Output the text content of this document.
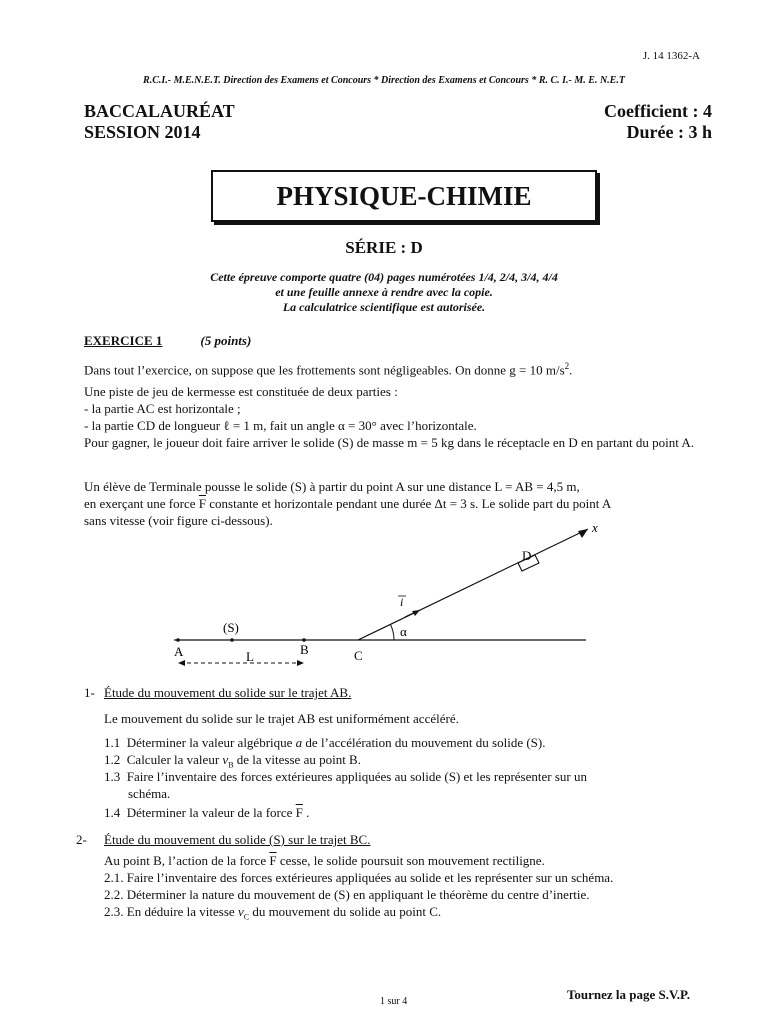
J. 14 1362-A
R.C.I.- M.E.N.E.T. Direction des Examens et Concours * Direction des Examens et Concours * R. C. I.- M. E. N.E.T
BACCALAURÉAT
SESSION 2014
Coefficient : 4
Durée : 3 h
PHYSIQUE-CHIMIE
SÉRIE : D
Cette épreuve comporte quatre (04) pages numérotées 1/4, 2/4, 3/4, 4/4
et une feuille annexe à rendre avec la copie.
La calculatrice scientifique est autorisée.
EXERCICE 1	(5 points)
Dans tout l’exercice, on suppose que les frottements sont négligeables. On donne g = 10 $m/s^2$.
Une piste de jeu de kermesse est constituée de deux parties :
- la partie AC est horizontale ;
- la partie CD de longueur ℓ = 1 m, fait un angle α = 30° avec l’horizontale.
Pour gagner, le joueur doit faire arriver le solide (S) de masse m = 5 kg dans le réceptacle en D en partant du point A.
Un élève de Terminale pousse le solide (S) à partir du point A sur une distance L = AB = 4,5 m,
en exerçant une force $\overline{F}$ constante et horizontale pendant une durée Δt = 3 s. Le solide part du point A
sans vitesse (voir figure ci-dessous).	x
D
i
α
(S)
A	B	C
L
1- Étude du mouvement du solide sur le trajet AB.
Le mouvement du solide sur le trajet AB est uniformément accéléré.
1.1 Déterminer la valeur algébrique a de l’accélération du mouvement du solide (S).
1.2 Calculer la valeur $v_B$ de la vitesse au point B.
1.3 Faire l’inventaire des forces extérieures appliquées au solide (S) et les représenter sur un
schéma.
1.4 Déterminer la valeur de la force $\overline{F}$ .
2- Étude du mouvement du solide (S) sur le trajet BC.
Au point B, l’action de la force $\overline{F}$ cesse, le solide poursuit son mouvement rectiligne.
2.1. Faire l’inventaire des forces extérieures appliquées au solide et les représenter sur un schéma.
2.2. Déterminer la nature du mouvement de (S) en appliquant le théorème du centre d’inertie.
2.3. En déduire la vitesse $v_C$ du mouvement du solide au point C.
1 sur 4	Tournez la page S.V.P.
